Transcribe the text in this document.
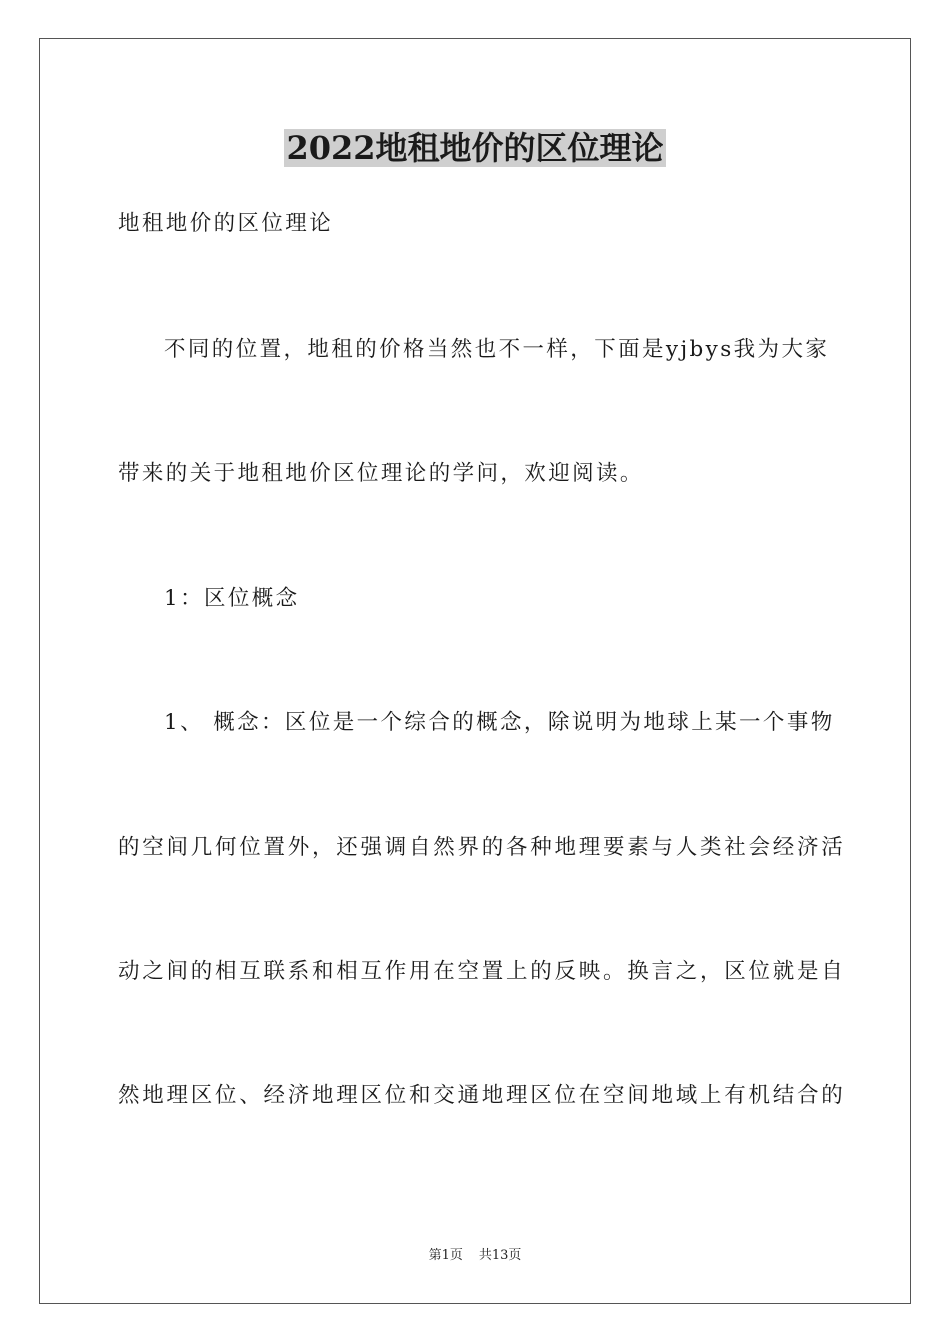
2022地租地价的区位理论
地租地价的区位理论
不同的位置，地租的价格当然也不一样，下面是yjbys我为大家
带来的关于地租地价区位理论的学问，欢迎阅读。
1：区位概念
1、 概念：区位是一个综合的概念，除说明为地球上某一个事物
的空间几何位置外，还强调自然界的各种地理要素与人类社会经济活
动之间的相互联系和相互作用在空置上的反映。换言之，区位就是自
然地理区位、经济地理区位和交通地理区位在空间地域上有机结合的
第1页 共13页
